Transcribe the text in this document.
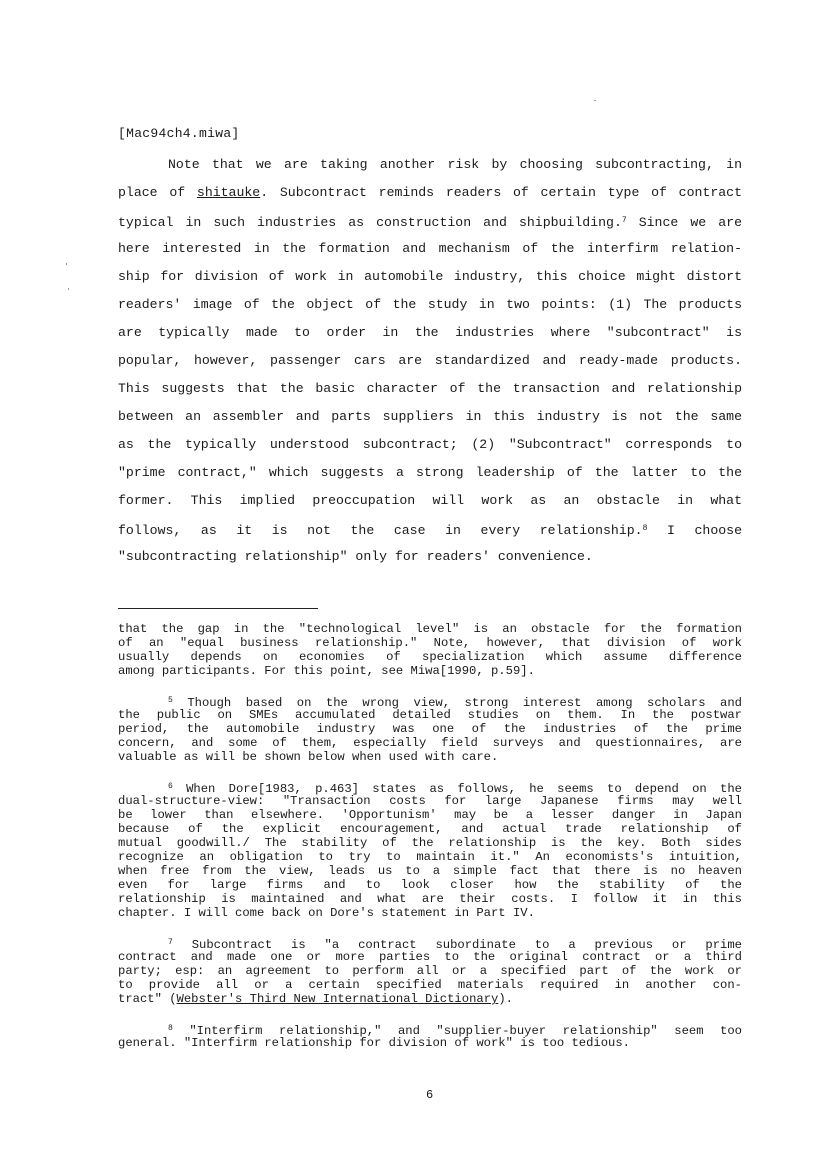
[Mac94ch4.miwa]
Note that we are taking another risk by choosing subcontracting, in
place of shitauke. Subcontract reminds readers of certain type of contract
typical in such industries as construction and shipbuilding.$^7$ Since we are
here interested in the formation and mechanism of the interfirm relation-
ship for division of work in automobile industry, this choice might distort
readers' image of the object of the study in two points: (1) The products
are typically made to order in the industries where "subcontract" is
popular, however, passenger cars are standardized and ready-made products.
This suggests that the basic character of the transaction and relationship
between an assembler and parts suppliers in this industry is not the same
as the typically understood subcontract; (2) "Subcontract" corresponds to
"prime contract," which suggests a strong leadership of the latter to the
former. This implied preoccupation will work as an obstacle in what
follows, as it is not the case in every relationship.$^8$ I choose
"subcontracting relationship" only for readers' convenience.
that the gap in the "technological level" is an obstacle for the formation
of an "equal business relationship." Note, however, that division of work
usually depends on economies of specialization which assume difference
among participants. For this point, see Miwa[1990, p.59].
$^5$ Though based on the wrong view, strong interest among scholars and
the public on SMEs accumulated detailed studies on them. In the postwar
period, the automobile industry was one of the industries of the prime
concern, and some of them, especially field surveys and questionnaires, are
valuable as will be shown below when used with care.
$^6$ When Dore[1983, p.463] states as follows, he seems to depend on the
dual-structure-view: "Transaction costs for large Japanese firms may well
be lower than elsewhere. 'Opportunism' may be a lesser danger in Japan
because of the explicit encouragement, and actual trade relationship of
mutual goodwill./ The stability of the relationship is the key. Both sides
recognize an obligation to try to maintain it." An economists's intuition,
when free from the view, leads us to a simple fact that there is no heaven
even for large firms and to look closer how the stability of the
relationship is maintained and what are their costs. I follow it in this
chapter. I will come back on Dore's statement in Part IV.
$^7$ Subcontract is "a contract subordinate to a previous or prime
contract and made one or more parties to the original contract or a third
party; esp: an agreement to perform all or a specified part of the work or
to provide all or a certain specified materials required in another con-
tract" (Webster's Third New International Dictionary).
$^8$ "Interfirm relationship," and "supplier-buyer relationship" seem too
general. "Interfirm relationship for division of work" is too tedious.
6
